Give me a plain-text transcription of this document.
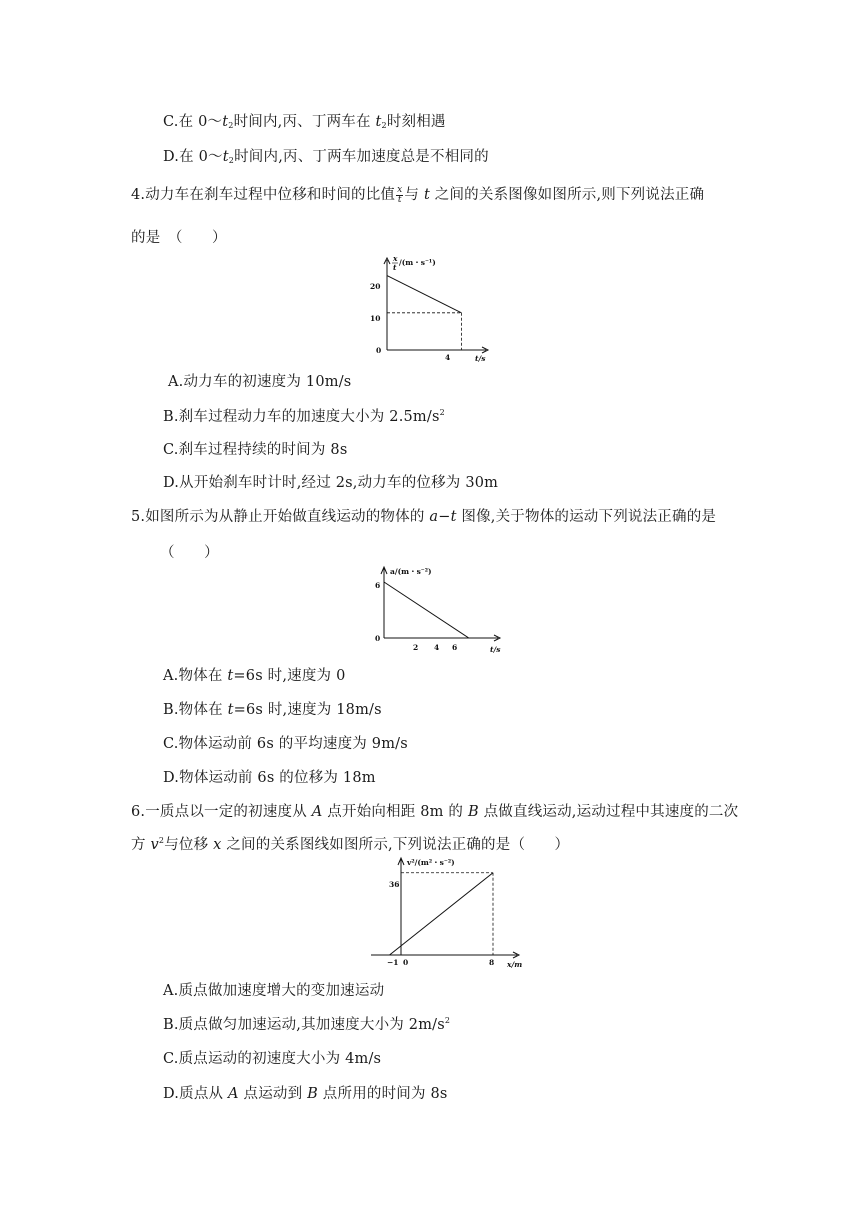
C.在 $0\sim t_2$时间内,丙、丁两车在 $t_2$时刻相遇
D.在 $0\sim t_2$时间内,丙、丁两车加速度总是不相同的
4.动力车在刹车过程中位移和时间的比值 $\frac{x}{t}$ 与 t 之间的关系图像如图所示,则下列说法正确
的是　（　　）
x
t
/(m・s⁻¹)
20
10
0
4	t/s
A.动力车的初速度为 10m/s
B.刹车过程动力车的加速度大小为 $2.5m/s^2$
C.刹车过程持续的时间为 8s
D.从开始刹车时计时,经过 2s,动力车的位移为 30m
5.如图所示为从静止开始做直线运动的物体的 a−t 图像,关于物体的运动下列说法正确的是
（　　）
a/(m・s⁻²)
6
0
2 4 6	t/s
A.物体在 t=6s 时,速度为 0
B.物体在 t=6s 时,速度为 18m/s
C.物体运动前 6s 的平均速度为 9m/s
D.物体运动前 6s 的位移为 18m
6.一质点以一定的初速度从 A 点开始向相距 8m 的 B 点做直线运动,运动过程中其速度的二次
方 $v^2$与位移 x 之间的关系图线如图所示,下列说法正确的是（　　）
v²/(m²・s⁻²)
36
−1 0	8 x/m
A.质点做加速度增大的变加速运动
B.质点做匀加速运动,其加速度大小为 $2m/s^2$
C.质点运动的初速度大小为 4m/s
D.质点从 A 点运动到 B 点所用的时间为 8s
